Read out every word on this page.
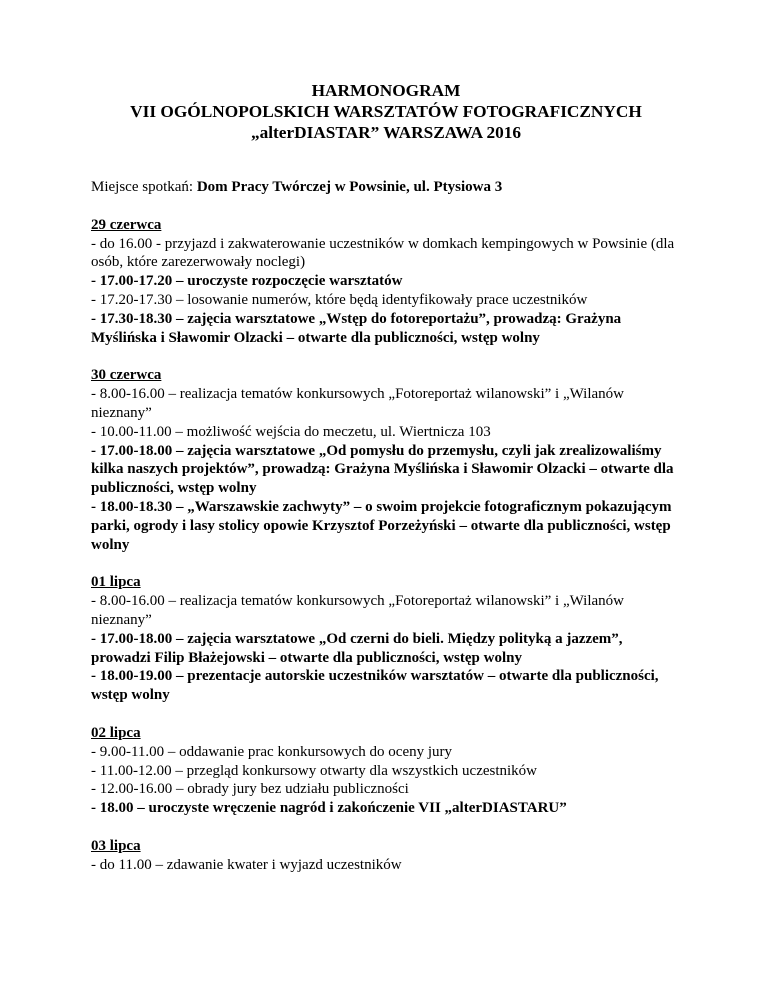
HARMONOGRAM
VII OGÓLNOPOLSKICH WARSZTATÓW FOTOGRAFICZNYCH
„alterDIASTAR” WARSZAWA 2016
Miejsce spotkań: Dom Pracy Twórczej w Powsinie, ul. Ptysiowa 3
29 czerwca
- do 16.00 - przyjazd i zakwaterowanie uczestników w domkach kempingowych w Powsinie (dla osób, które zarezerwowały noclegi)
- 17.00-17.20 – uroczyste rozpoczęcie warsztatów
- 17.20-17.30 – losowanie numerów, które będą identyfikowały prace uczestników
- 17.30-18.30 – zajęcia warsztatowe „Wstęp do fotoreportażu”, prowadzą: Grażyna Myślińska i Sławomir Olzacki – otwarte dla publiczności, wstęp wolny
30 czerwca
- 8.00-16.00 – realizacja tematów konkursowych „Fotoreportaż wilanowski” i „Wilanów nieznany”
- 10.00-11.00 – możliwość wejścia do meczetu, ul. Wiertnicza 103
- 17.00-18.00 – zajęcia warsztatowe „Od pomysłu do przemysłu, czyli jak zrealizowaliśmy kilka naszych projektów”, prowadzą: Grażyna Myślińska i Sławomir Olzacki – otwarte dla publiczności, wstęp wolny
- 18.00-18.30 – „Warszawskie zachwyty” – o swoim projekcie fotograficznym pokazującym parki, ogrody i lasy stolicy opowie Krzysztof Porzeżyński – otwarte dla publiczności, wstęp wolny
01 lipca
- 8.00-16.00 – realizacja tematów konkursowych „Fotoreportaż wilanowski” i „Wilanów nieznany”
- 17.00-18.00 – zajęcia warsztatowe „Od czerni do bieli. Między polityką a jazzem”, prowadzi Filip Błażejowski – otwarte dla publiczności, wstęp wolny
- 18.00-19.00 – prezentacje autorskie uczestników warsztatów – otwarte dla publiczności, wstęp wolny
02 lipca
- 9.00-11.00 – oddawanie prac konkursowych do oceny jury
- 11.00-12.00 – przegląd konkursowy otwarty dla wszystkich uczestników
- 12.00-16.00 – obrady jury bez udziału publiczności
- 18.00 – uroczyste wręczenie nagród i zakończenie VII „alterDIASTARU”
03 lipca
- do 11.00 – zdawanie kwater i wyjazd uczestników
